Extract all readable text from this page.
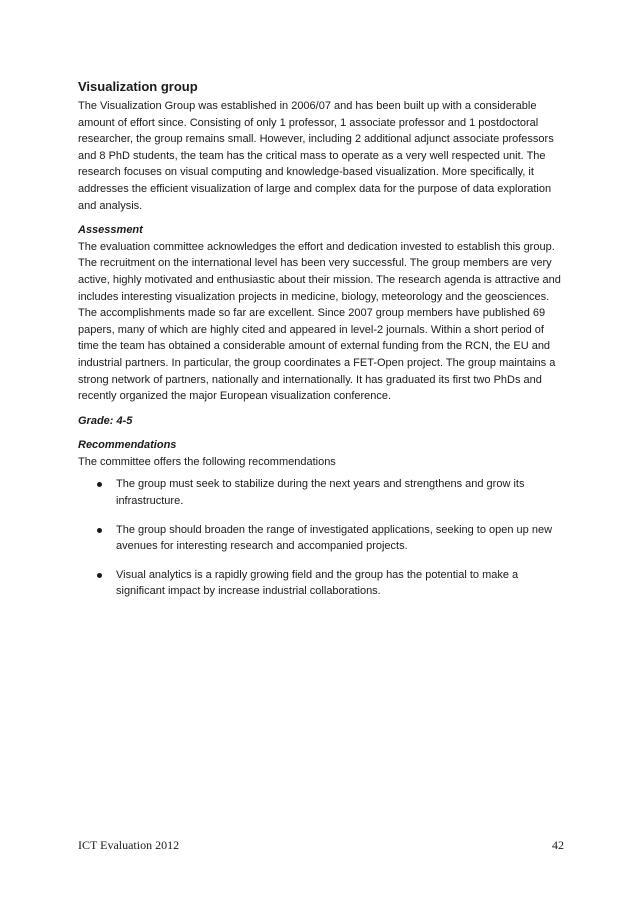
Visualization group

The Visualization Group was established in 2006/07 and has been built up with a considerable amount of effort since. Consisting of only 1 professor, 1 associate professor and 1 postdoctoral researcher, the group remains small. However, including 2 additional adjunct associate professors and 8 PhD students, the team has the critical mass to operate as a very well respected unit. The research focuses on visual computing and knowledge-based visualization. More specifically, it addresses the efficient visualization of large and complex data for the purpose of data exploration and analysis.

Assessment

The evaluation committee acknowledges the effort and dedication invested to establish this group. The recruitment on the international level has been very successful. The group members are very active, highly motivated and enthusiastic about their mission. The research agenda is attractive and includes interesting visualization projects in medicine, biology, meteorology and the geosciences. The accomplishments made so far are excellent. Since 2007 group members have published 69 papers, many of which are highly cited and appeared in level-2 journals. Within a short period of time the team has obtained a considerable amount of external funding from the RCN, the EU and industrial partners. In particular, the group coordinates a FET-Open project. The group maintains a strong network of partners, nationally and internationally. It has graduated its first two PhDs and recently organized the major European visualization conference.

Grade: 4-5

Recommendations

The committee offers the following recommendations

The group must seek to stabilize during the next years and strengthens and grow its infrastructure.
The group should broaden the range of investigated applications, seeking to open up new avenues for interesting research and accompanied projects.
Visual analytics is a rapidly growing field and the group has the potential to make a significant impact by increase industrial collaborations.
ICT Evaluation 2012	42
